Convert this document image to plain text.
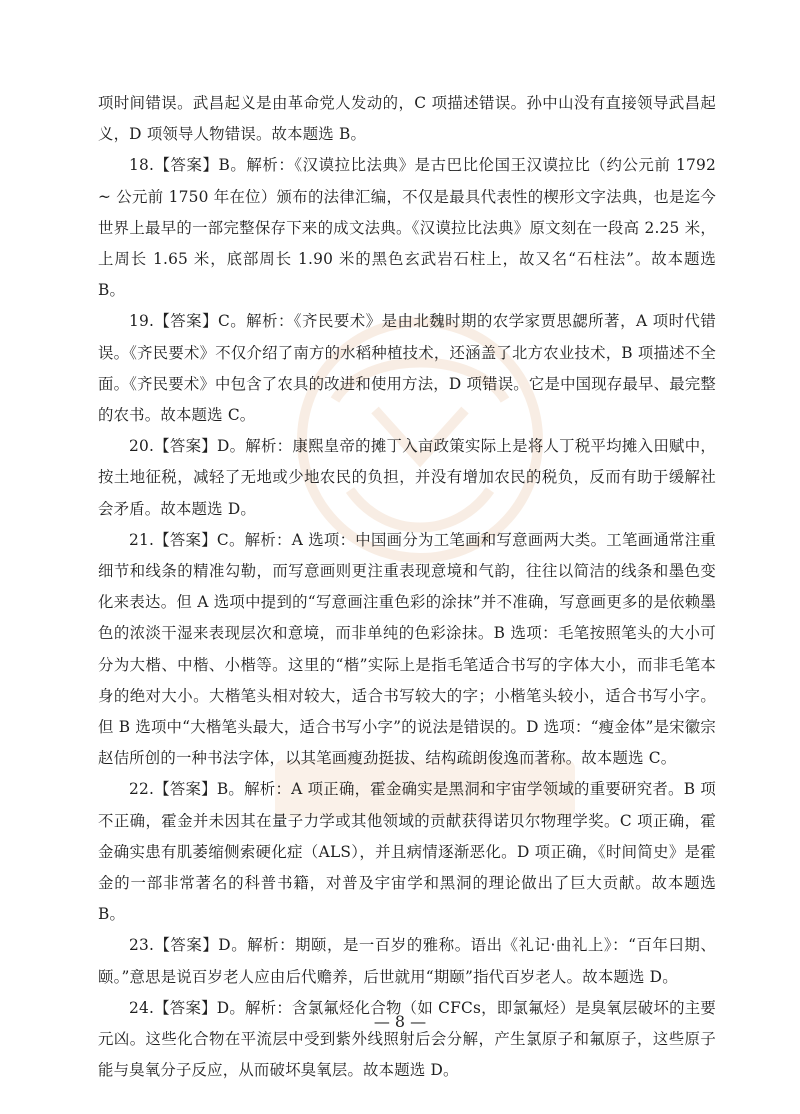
项时间错误。武昌起义是由革命党人发动的，C 项描述错误。孙中山没有直接领导武昌起义，D 项领导人物错误。故本题选 B。

18.【答案】B。解析：《汉谟拉比法典》是古巴比伦国王汉谟拉比（约公元前 1792 ~ 公元前 1750 年在位）颁布的法律汇编，不仅是最具代表性的楔形文字法典，也是迄今世界上最早的一部完整保存下来的成文法典。《汉谟拉比法典》原文刻在一段高 2.25 米，上周长 1.65 米，底部周长 1.90 米的黑色玄武岩石柱上，故又名“石柱法”。故本题选 B。

19.【答案】C。解析：《齐民要术》是由北魏时期的农学家贾思勰所著，A 项时代错误。《齐民要术》不仅介绍了南方的水稻种植技术，还涵盖了北方农业技术，B 项描述不全面。《齐民要术》中包含了农具的改进和使用方法，D 项错误。它是中国现存最早、最完整的农书。故本题选 C。

20.【答案】D。解析：康熙皇帝的摊丁入亩政策实际上是将人丁税平均摊入田赋中，按土地征税，减轻了无地或少地农民的负担，并没有增加农民的税负，反而有助于缓解社会矛盾。故本题选 D。

21.【答案】C。解析：A 选项：中国画分为工笔画和写意画两大类。工笔画通常注重细节和线条的精准勾勒，而写意画则更注重表现意境和气韵，往往以简洁的线条和墨色变化来表达。但 A 选项中提到的“写意画注重色彩的涂抹”并不准确，写意画更多的是依赖墨色的浓淡干湿来表现层次和意境，而非单纯的色彩涂抹。B 选项：毛笔按照笔头的大小可分为大楷、中楷、小楷等。这里的“楷”实际上是指毛笔适合书写的字体大小，而非毛笔本身的绝对大小。大楷笔头相对较大，适合书写较大的字；小楷笔头较小，适合书写小字。但 B 选项中“大楷笔头最大，适合书写小字”的说法是错误的。D 选项：“瘦金体”是宋徽宗赵佶所创的一种书法字体，以其笔画瘦劲挺拔、结构疏朗俊逸而著称。故本题选 C。

22.【答案】B。解析：A 项正确，霍金确实是黑洞和宇宙学领域的重要研究者。B 项不正确，霍金并未因其在量子力学或其他领域的贡献获得诺贝尔物理学奖。C 项正确，霍金确实患有肌萎缩侧索硬化症（ALS），并且病情逐渐恶化。D 项正确，《时间简史》是霍金的一部非常著名的科普书籍，对普及宇宙学和黑洞的理论做出了巨大贡献。故本题选 B。

23.【答案】D。解析：期颐，是一百岁的雅称。语出《礼记·曲礼上》：“百年曰期、颐。”意思是说百岁老人应由后代赡养，后世就用“期颐”指代百岁老人。故本题选 D。

24.【答案】D。解析：含氯氟烃化合物（如 CFCs，即氯氟烃）是臭氧层破坏的主要元凶。这些化合物在平流层中受到紫外线照射后会分解，产生氯原子和氟原子，这些原子能与臭氧分子反应，从而破坏臭氧层。故本题选 D。

— 8 —
